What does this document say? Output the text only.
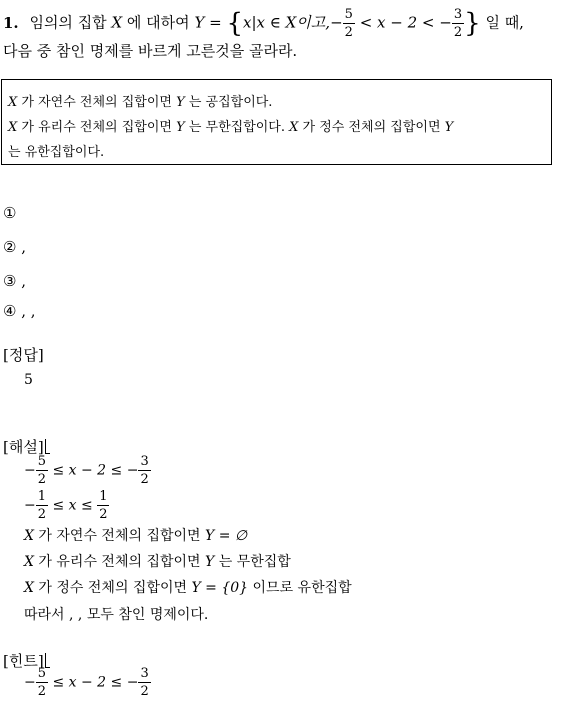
1. 임의의 집합 X 에 대하여 Y = {x|x ∈ X이고,− $\frac{5}{2} < x - 2$ < − $\frac{3}{2}$ } 일 때,
다음 중 참인 명제를 바르게 고른것을 골라라.
X 가 자연수 전체의 집합이면 Y 는 공집합이다.
X 가 유리수 전체의 집합이면 Y 는 무한집합이다. X 가 정수 전체의 집합이면 Y
는 유한집합이다.
①
② ,
③ ,
④ , ,
[정답]
5
[해설]
− $\frac{5}{2} \le x - 2$ ≤ − $\frac{3}{2}$
− $\frac{1}{2} \le x \le \frac{1}{2}$
X 가 자연수 전체의 집합이면 Y = ∅
X 가 유리수 전체의 집합이면 Y 는 무한집합
X 가 정수 전체의 집합이면 Y = {0} 이므로 유한집합
따라서 , , 모두 참인 명제이다.
[힌트]
− $\frac{5}{2} \le x - 2$ ≤ − $\frac{3}{2}$
